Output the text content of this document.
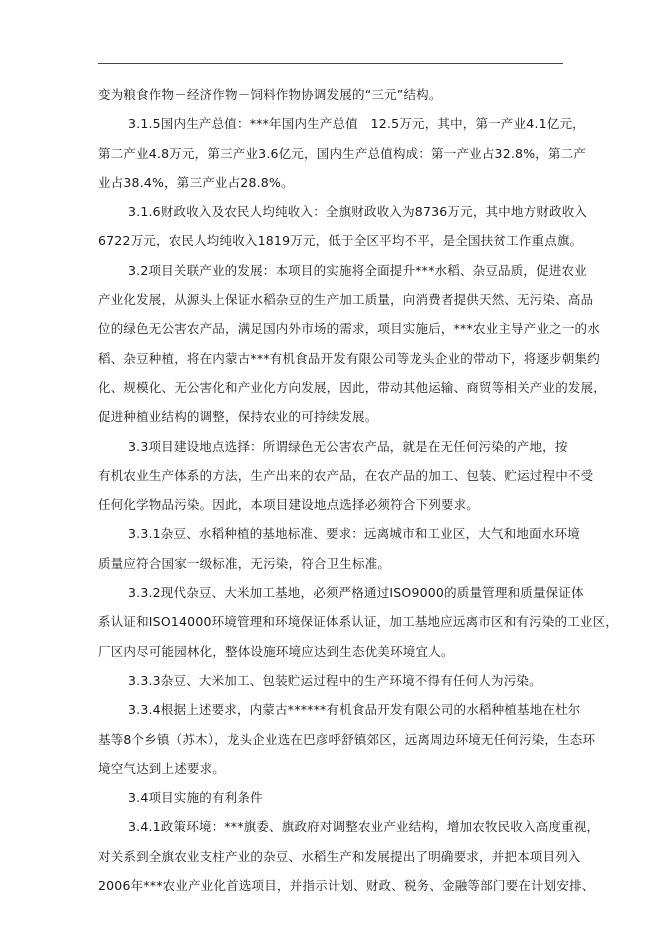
变为粮食作物－经济作物－饲料作物协调发展的“三元”结构。

3.1.5国内生产总值：***年国内生产总值　12.5万元，其中，第一产业4.1亿元，

第二产业4.8万元，第三产业3.6亿元，国内生产总值构成：第一产业占32.8%，第二产

业占38.4%，第三产业占28.8%。

3.1.6财政收入及农民人均纯收入：全旗财政收入为8736万元，其中地方财政收入

6722万元，农民人均纯收入1819万元，低于全区平均不平，是全国扶贫工作重点旗。

3.2项目关联产业的发展：本项目的实施将全面提升***水稻、杂豆品质，促进农业

产业化发展，从源头上保证水稻杂豆的生产加工质量，向消费者提供天然、无污染、高品

位的绿色无公害农产品，满足国内外市场的需求，项目实施后，***农业主导产业之一的水

稻、杂豆种植，将在内蒙古***有机食品开发有限公司等龙头企业的带动下，将逐步朝集约

化、规模化、无公害化和产业化方向发展，因此，带动其他运输、商贸等相关产业的发展，

促进种植业结构的调整，保持农业的可持续发展。

3.3项目建设地点选择：所谓绿色无公害农产品，就是在无任何污染的产地，按

有机农业生产体系的方法，生产出来的农产品，在农产品的加工、包装、贮运过程中不受

任何化学物品污染。因此，本项目建设地点选择必须符合下列要求。

3.3.1杂豆、水稻种植的基地标准、要求：远离城市和工业区，大气和地面水环境

质量应符合国家一级标准，无污染，符合卫生标准。

3.3.2现代杂豆、大米加工基地，必须严格通过ISO9000的质量管理和质量保证体

系认证和ISO14000环境管理和环境保证体系认证，加工基地应远离市区和有污染的工业区，

厂区内尽可能园林化，整体设施环境应达到生态优美环境宜人。

3.3.3杂豆、大米加工、包装贮运过程中的生产环境不得有任何人为污染。

3.3.4根据上述要求，内蒙古******有机食品开发有限公司的水稻种植基地在杜尔

基等8个乡镇（苏木），龙头企业选在巴彦呼舒镇郊区，远离周边环境无任何污染，生态环

境空气达到上述要求。

3.4项目实施的有利条件

3.4.1政策环境：***旗委、旗政府对调整农业产业结构，增加农牧民收入高度重视，

对关系到全旗农业支柱产业的杂豆、水稻生产和发展提出了明确要求，并把本项目列入

2006年***农业产业化首选项目，并指示计划、财政、税务、金融等部门要在计划安排、
